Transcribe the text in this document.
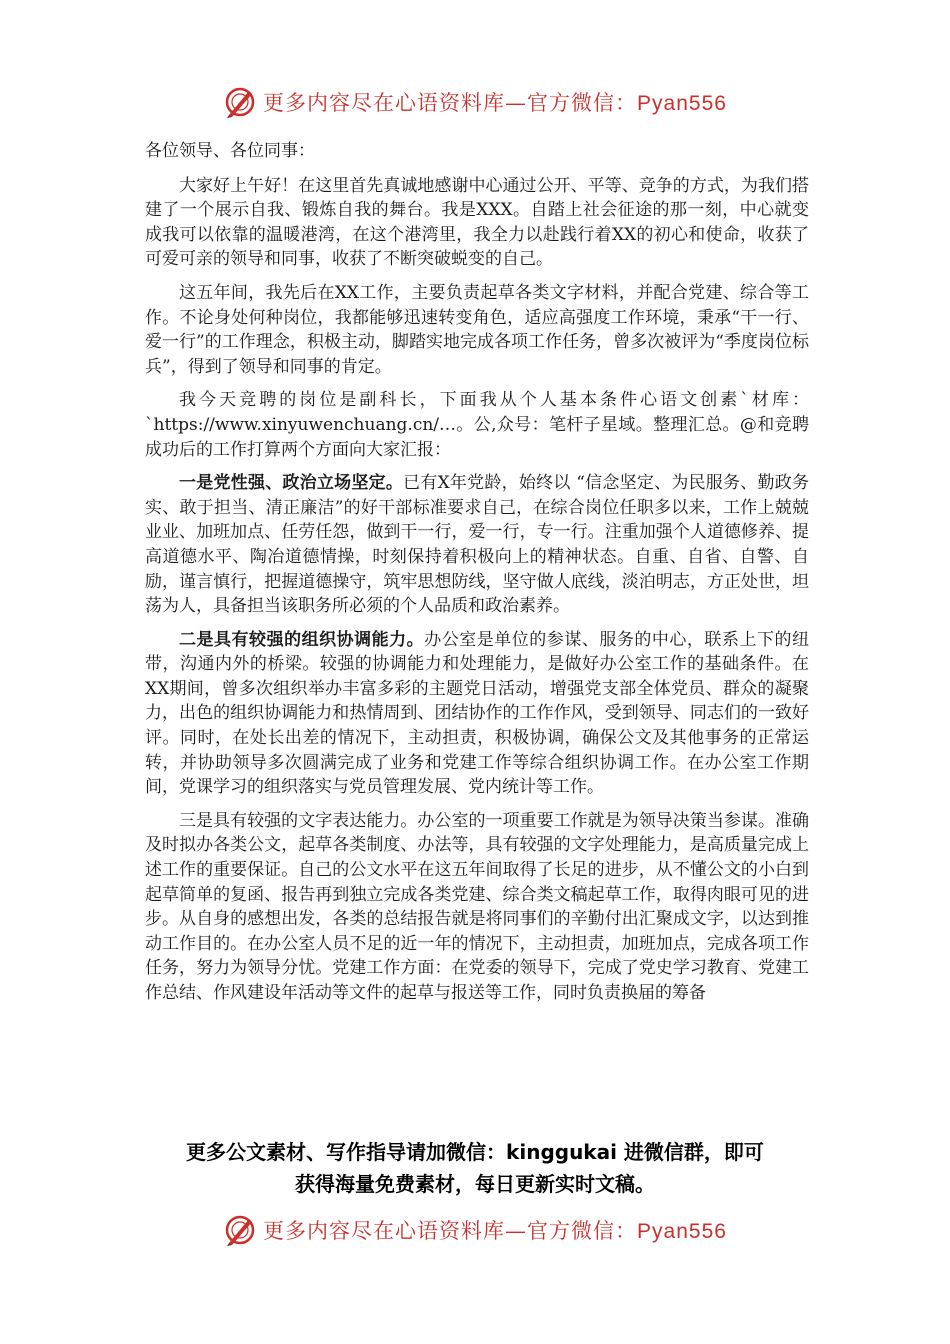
更多内容尽在心语资料库—官方微信：Pyan556

各位领导、各位同事：

大家好上午好！在这里首先真诚地感谢中心通过公开、平等、竞争的方式，为我们搭建了一个展示自我、锻炼自我的舞台。我是XXX。自踏上社会征途的那一刻，中心就变成我可以依靠的温暖港湾，在这个港湾里，我全力以赴践行着XX的初心和使命，收获了可爱可亲的领导和同事，收获了不断突破蜕变的自己。

这五年间，我先后在XX工作，主要负责起草各类文字材料，并配合党建、综合等工作。不论身处何种岗位，我都能够迅速转变角色，适应高强度工作环境，秉承“干一行、爱一行”的工作理念，积极主动，脚踏实地完成各项工作任务，曾多次被评为“季度岗位标兵”，得到了领导和同事的肯定。

我今天竞聘的岗位是副科长，下面我从个人基本条件心语文创素`材库：`https://www.xinyuwenchuang.cn/…。公,众号：笔杆子星域。整理汇总。@和竞聘成功后的工作打算两个方面向大家汇报：

一是党性强、政治立场坚定。已有X年党龄，始终以 “信念坚定、为民服务、勤政务实、敢于担当、清正廉洁”的好干部标准要求自己，在综合岗位任职多以来，工作上兢兢业业、加班加点、任劳任怨，做到干一行，爱一行，专一行。注重加强个人道德修养、提高道德水平、陶冶道德情操，时刻保持着积极向上的精神状态。自重、自省、自警、自励，谨言慎行，把握道德操守，筑牢思想防线，坚守做人底线，淡泊明志，方正处世，坦荡为人，具备担当该职务所必须的个人品质和政治素养。

二是具有较强的组织协调能力。办公室是单位的参谋、服务的中心，联系上下的纽带，沟通内外的桥梁。较强的协调能力和处理能力，是做好办公室工作的基础条件。在XX期间，曾多次组织举办丰富多彩的主题党日活动，增强党支部全体党员、群众的凝聚力，出色的组织协调能力和热情周到、团结协作的工作作风，受到领导、同志们的一致好评。同时，在处长出差的情况下，主动担责，积极协调，确保公文及其他事务的正常运转，并协助领导多次圆满完成了业务和党建工作等综合组织协调工作。在办公室工作期间，党课学习的组织落实与党员管理发展、党内统计等工作。

三是具有较强的文字表达能力。办公室的一项重要工作就是为领导决策当参谋。准确及时拟办各类公文，起草各类制度、办法等，具有较强的文字处理能力，是高质量完成上述工作的重要保证。自己的公文水平在这五年间取得了长足的进步，从不懂公文的小白到起草简单的复函、报告再到独立完成各类党建、综合类文稿起草工作，取得肉眼可见的进步。从自身的感想出发，各类的总结报告就是将同事们的辛勤付出汇聚成文字，以达到推动工作目的。在办公室人员不足的近一年的情况下，主动担责，加班加点，完成各项工作任务，努力为领导分忧。党建工作方面：在党委的领导下，完成了党史学习教育、党建工作总结、作风建设年活动等文件的起草与报送等工作，同时负责换届的筹备

更多公文素材、写作指导请加微信：kinggukai 进微信群，即可
获得海量免费素材，每日更新实时文稿。
更多内容尽在心语资料库—官方微信：Pyan556
